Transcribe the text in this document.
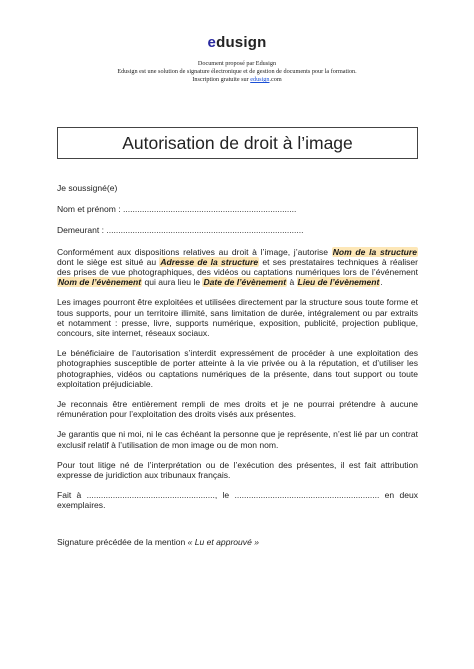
edusign
Document proposé par Edusign
Edusign est une solution de signature électronique et de gestion de documents pour la formation.
Inscription gratuite sur edusign.com
Autorisation de droit à l’image

Je soussigné(e)

Nom et prénom : .........................................................................

Demeurant : ...................................................................................

Conformément aux dispositions relatives au droit à l’image, j’autorise Nom de la structure dont le siège est situé au Adresse de la structure et ses prestataires techniques à réaliser des prises de vue photographiques, des vidéos ou captations numériques lors de l’événement Nom de l’évènement qui aura lieu le Date de l’évènement à Lieu de l’évènement.

Les images pourront être exploitées et utilisées directement par la structure sous toute forme et tous supports, pour un territoire illimité, sans limitation de durée, intégralement ou par extraits et notamment : presse, livre, supports numérique, exposition, publicité, projection publique, concours, site internet, réseaux sociaux.

Le bénéficiaire de l’autorisation s’interdit expressément de procéder à une exploitation des photographies susceptible de porter atteinte à la vie privée ou à la réputation, et d’utiliser les photographies, vidéos ou captations numériques de la présente, dans tout support ou toute exploitation préjudiciable.

Je reconnais être entièrement rempli de mes droits et je ne pourrai prétendre à aucune rémunération pour l’exploitation des droits visés aux présentes.

Je garantis que ni moi, ni le cas échéant la personne que je représente, n’est lié par un contrat exclusif relatif à l’utilisation de mon image ou de mon nom.

Pour tout litige né de l’interprétation ou de l’exécution des présentes, il est fait attribution expresse de juridiction aux tribunaux français.

Fait à ......................................................, le ............................................................. en deux exemplaires.

Signature précédée de la mention « Lu et approuvé »
